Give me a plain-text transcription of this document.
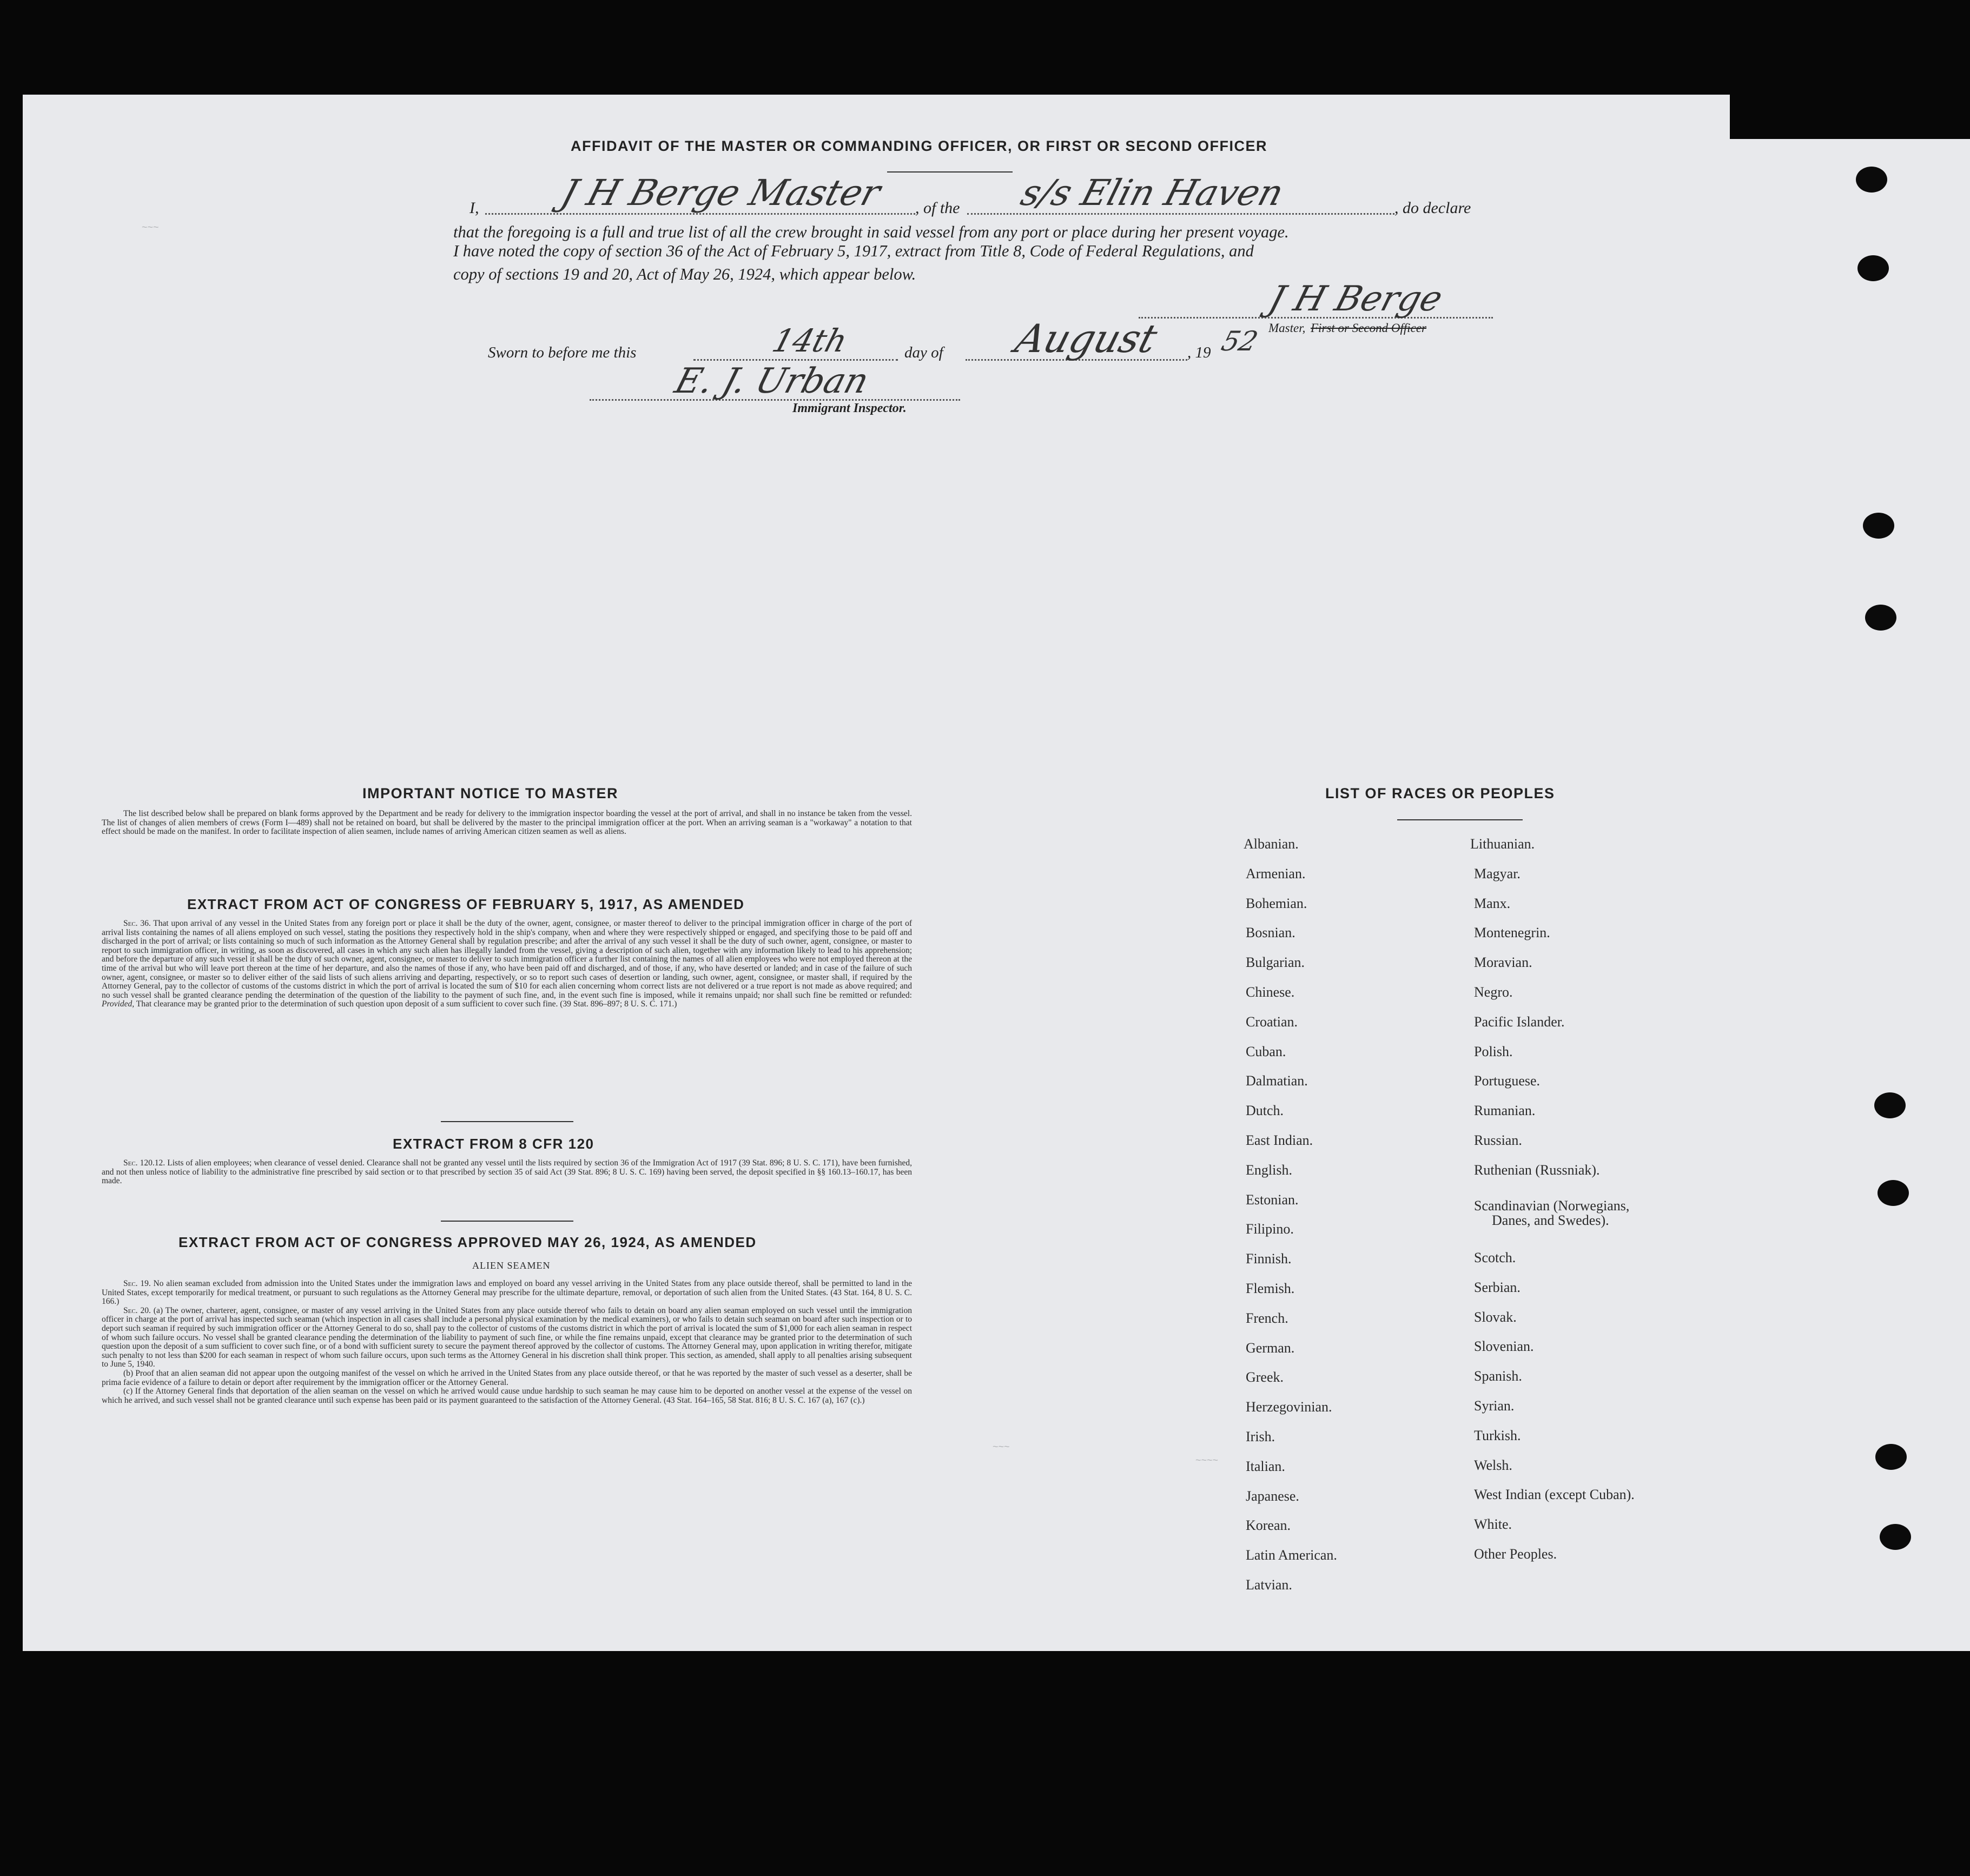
AFFIDAVIT OF THE MASTER OR COMMANDING OFFICER, OR FIRST OR SECOND OFFICER
I, J H Berge Master , of the s/s Elin Haven	, do declare
that the foregoing is a full and true list of all the crew brought in said vessel from any port or place during her present voyage.
I have noted the copy of section 36 of the Act of February 5, 1917, extract from Title 8, Code of Federal Regulations, and
copy of sections 19 and 20, Act of May 26, 1924, which appear below.
J H Berge
Master, First or Second Officer
Sworn to before me this	14th	day of August , 19 52
E. J. Urban
Immigrant Inspector.
~~~
~~~
~~~~
IMPORTANT NOTICE TO MASTER

The list described below shall be prepared on blank forms approved by the Department and be ready for delivery to the immigration inspector boarding the vessel at the port of arrival, and shall in no instance be taken from the vessel. The list of changes of alien members of crews (Form I—489) shall not be retained on board, but shall be delivered by the master to the principal immigration officer at the port. When an arriving seaman is a "workaway" a notation to that effect should be made on the manifest. In order to facilitate inspection of alien seamen, include names of arriving American citizen seamen as well as aliens.

EXTRACT FROM ACT OF CONGRESS OF FEBRUARY 5, 1917, AS AMENDED

Sec. 36. That upon arrival of any vessel in the United States from any foreign port or place it shall be the duty of the owner, agent, consignee, or master thereof to deliver to the principal immigration officer in charge of the port of arrival lists containing the names of all aliens employed on such vessel, stating the positions they respectively hold in the ship's company, when and where they were respectively shipped or engaged, and specifying those to be paid off and discharged in the port of arrival; or lists containing so much of such information as the Attorney General shall by regulation prescribe; and after the arrival of any such vessel it shall be the duty of such owner, agent, consignee, or master to report to such immigration officer, in writing, as soon as discovered, all cases in which any such alien has illegally landed from the vessel, giving a description of such alien, together with any information likely to lead to his apprehension; and before the departure of any such vessel it shall be the duty of such owner, agent, consignee, or master to deliver to such immigration officer a further list containing the names of all alien employees who were not employed thereon at the time of the arrival but who will leave port thereon at the time of her departure, and also the names of those if any, who have been paid off and discharged, and of those, if any, who have deserted or landed; and in case of the failure of such owner, agent, consignee, or master so to deliver either of the said lists of such aliens arriving and departing, respectively, or so to report such cases of desertion or landing, such owner, agent, consignee, or master shall, if required by the Attorney General, pay to the collector of customs of the customs district in which the port of arrival is located the sum of $10 for each alien concerning whom correct lists are not delivered or a true report is not made as above required; and no such vessel shall be granted clearance pending the determination of the question of the liability to the payment of such fine, and, in the event such fine is imposed, while it remains unpaid; nor shall such fine be remitted or refunded: Provided, That clearance may be granted prior to the determination of such question upon deposit of a sum sufficient to cover such fine. (39 Stat. 896–897; 8 U. S. C. 171.)

EXTRACT FROM 8 CFR 120

Sec. 120.12. Lists of alien employees; when clearance of vessel denied. Clearance shall not be granted any vessel until the lists required by section 36 of the Immigration Act of 1917 (39 Stat. 896; 8 U. S. C. 171), have been furnished, and not then unless notice of liability to the administrative fine prescribed by said section or to that prescribed by section 35 of said Act (39 Stat. 896; 8 U. S. C. 169) having been served, the deposit specified in §§ 160.13–160.17, has been made.

EXTRACT FROM ACT OF CONGRESS APPROVED MAY 26, 1924, AS AMENDED
ALIEN SEAMEN

Sec. 19. No alien seaman excluded from admission into the United States under the immigration laws and employed on board any vessel arriving in the United States from any place outside thereof, shall be permitted to land in the United States, except temporarily for medical treatment, or pursuant to such regulations as the Attorney General may prescribe for the ultimate departure, removal, or deportation of such alien from the United States. (43 Stat. 164, 8 U. S. C. 166.)

Sec. 20. (a) The owner, charterer, agent, consignee, or master of any vessel arriving in the United States from any place outside thereof who fails to detain on board any alien seaman employed on such vessel until the immigration officer in charge at the port of arrival has inspected such seaman (which inspection in all cases shall include a personal physical examination by the medical examiners), or who fails to detain such seaman on board after such inspection or to deport such seaman if required by such immigration officer or the Attorney General to do so, shall pay to the collector of customs of the customs district in which the port of arrival is located the sum of $1,000 for each alien seaman in respect of whom such failure occurs. No vessel shall be granted clearance pending the determination of the liability to payment of such fine, or while the fine remains unpaid, except that clearance may be granted prior to the determination of such question upon the deposit of a sum sufficient to cover such fine, or of a bond with sufficient surety to secure the payment thereof approved by the collector of customs. The Attorney General may, upon application in writing therefor, mitigate such penalty to not less than $200 for each seaman in respect of whom such failure occurs, upon such terms as the Attorney General in his discretion shall think proper. This section, as amended, shall apply to all penalties arising subsequent to June 5, 1940.

(b) Proof that an alien seaman did not appear upon the outgoing manifest of the vessel on which he arrived in the United States from any place outside thereof, or that he was reported by the master of such vessel as a deserter, shall be prima facie evidence of a failure to detain or deport after requirement by the immigration officer or the Attorney General.

(c) If the Attorney General finds that deportation of the alien seaman on the vessel on which he arrived would cause undue hardship to such seaman he may cause him to be deported on another vessel at the expense of the vessel on which he arrived, and such vessel shall not be granted clearance until such expense has been paid or its payment guaranteed to the satisfaction of the Attorney General. (43 Stat. 164–165, 58 Stat. 816; 8 U. S. C. 167 (a), 167 (c).)

LIST OF RACES OR PEOPLES
Albanian.
Armenian.
Bohemian.
Bosnian.
Bulgarian.
Chinese.
Croatian.
Cuban.
Dalmatian.
Dutch.
East Indian.
English.
Estonian.
Filipino.
Finnish.
Flemish.
French.
German.
Greek.
Herzegovinian.
Irish.
Italian.
Japanese.
Korean.
Latin American.
Latvian.
Lithuanian.
Magyar.
Manx.
Montenegrin.
Moravian.
Negro.
Pacific Islander.
Polish.
Portuguese.
Rumanian.
Russian.
Ruthenian (Russniak).
Scandinavian (Norwegians,
Scotch.
Serbian.
Slovak.
Slovenian.
Spanish.
Syrian.
Turkish.
Welsh.
West Indian (except Cuban).
White.
Other Peoples.
Danes, and Swedes).
